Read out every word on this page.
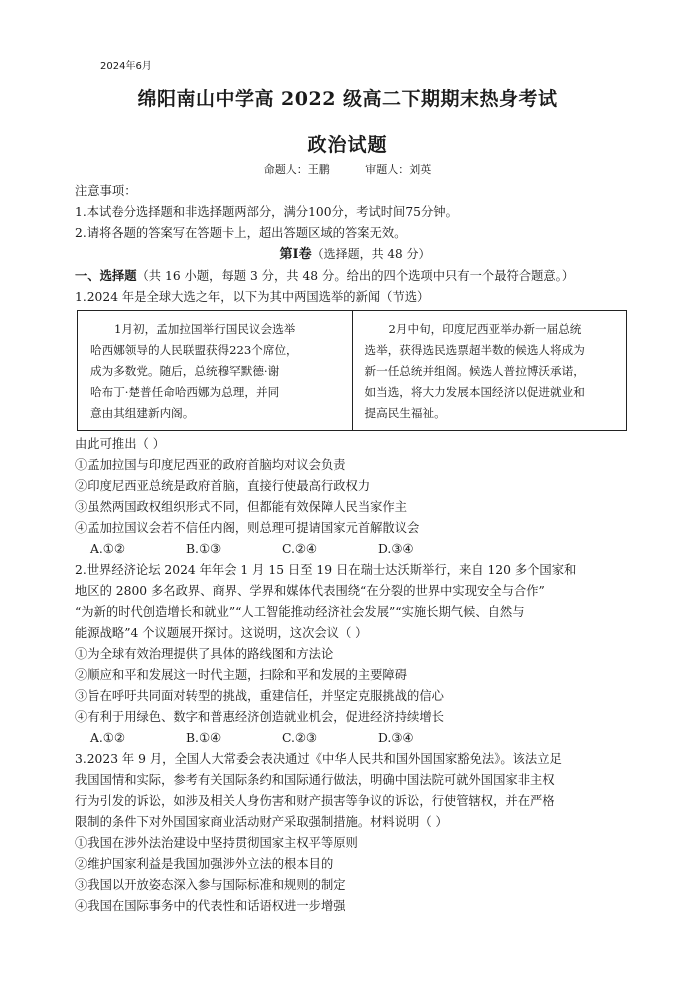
2024年6月
绵阳南山中学高 2022 级高二下期期末热身考试
政治试题
命题人：王鹏	审题人：刘英

注意事项：

1.本试卷分选择题和非选择题两部分，满分100分，考试时间75分钟。

2.请将各题的答案写在答题卡上，超出答题区域的答案无效。

第Ⅰ卷（选择题，共 48 分）

一、选择题（共 16 小题，每题 3 分，共 48 分。给出的四个选项中只有一个最符合题意。）

1.2024 年是全球大选之年，以下为其中两国选举的新闻（节选）

1月初，孟加拉国举行国民议会选举
哈西娜领导的人民联盟获得223个席位，
成为多数党。随后，总统穆罕默德·谢
哈布丁·楚普任命哈西娜为总理，并同
意由其组建新内阁。
2月中旬，印度尼西亚举办新一届总统
选举，获得选民选票超半数的候选人将成为
新一任总统并组阁。候选人普拉博沃承诺，
如当选，将大力发展本国经济以促进就业和
提高民生福祉。

由此可推出（ ）

①孟加拉国与印度尼西亚的政府首脑均对议会负责

②印度尼西亚总统是政府首脑，直接行使最高行政权力

③虽然两国政权组织形式不同，但都能有效保障人民当家作主

④孟加拉国议会若不信任内阁，则总理可提请国家元首解散议会

A.①②	B.①③	C.②④	D.③④

2.世界经济论坛 2024 年年会 1 月 15 日至 19 日在瑞士达沃斯举行，来自 120 多个国家和

地区的 2800 多名政界、商界、学界和媒体代表围绕“在分裂的世界中实现安全与合作”

“为新的时代创造增长和就业”“人工智能推动经济社会发展”“实施长期气候、自然与

能源战略”4 个议题展开探讨。这说明，这次会议（ ）

①为全球有效治理提供了具体的路线图和方法论

②顺应和平和发展这一时代主题，扫除和平和发展的主要障碍

③旨在呼吁共同面对转型的挑战，重建信任，并坚定克服挑战的信心

④有利于用绿色、数字和普惠经济创造就业机会，促进经济持续增长

A.①②	B.①④	C.②③	D.③④

3.2023 年 9 月，全国人大常委会表决通过《中华人民共和国外国国家豁免法》。该法立足

我国国情和实际，参考有关国际条约和国际通行做法，明确中国法院可就外国国家非主权

行为引发的诉讼，如涉及相关人身伤害和财产损害等争议的诉讼，行使管辖权，并在严格

限制的条件下对外国国家商业活动财产采取强制措施。材料说明（ ）

①我国在涉外法治建设中坚持贯彻国家主权平等原则

②维护国家利益是我国加强涉外立法的根本目的

③我国以开放姿态深入参与国际标准和规则的制定

④我国在国际事务中的代表性和话语权进一步增强
